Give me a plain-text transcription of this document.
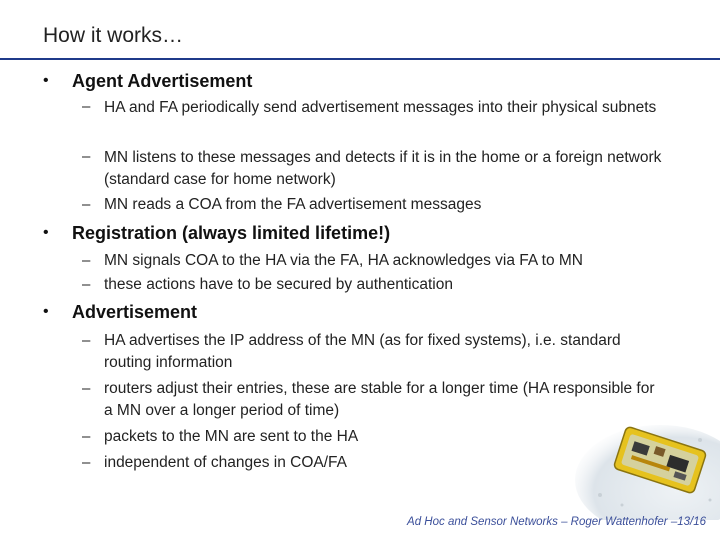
How it works…
• Agent Advertisement
– HA and FA periodically send advertisement messages into their physical subnets
– MN listens to these messages and detects if it is in the home or a foreign network (standard case for home network)
– MN reads a COA from the FA advertisement messages
• Registration (always limited lifetime!)
– MN signals COA to the HA via the FA, HA acknowledges via FA to MN
– these actions have to be secured by authentication
• Advertisement
– HA advertises the IP address of the MN (as for fixed systems), i.e. standard routing information
– routers adjust their entries, these are stable for a longer time (HA responsible for a MN over a longer period of time)
– packets to the MN are sent to the HA
– independent of changes in COA/FA
Ad Hoc and Sensor Networks – Roger Wattenhofer –13/16
